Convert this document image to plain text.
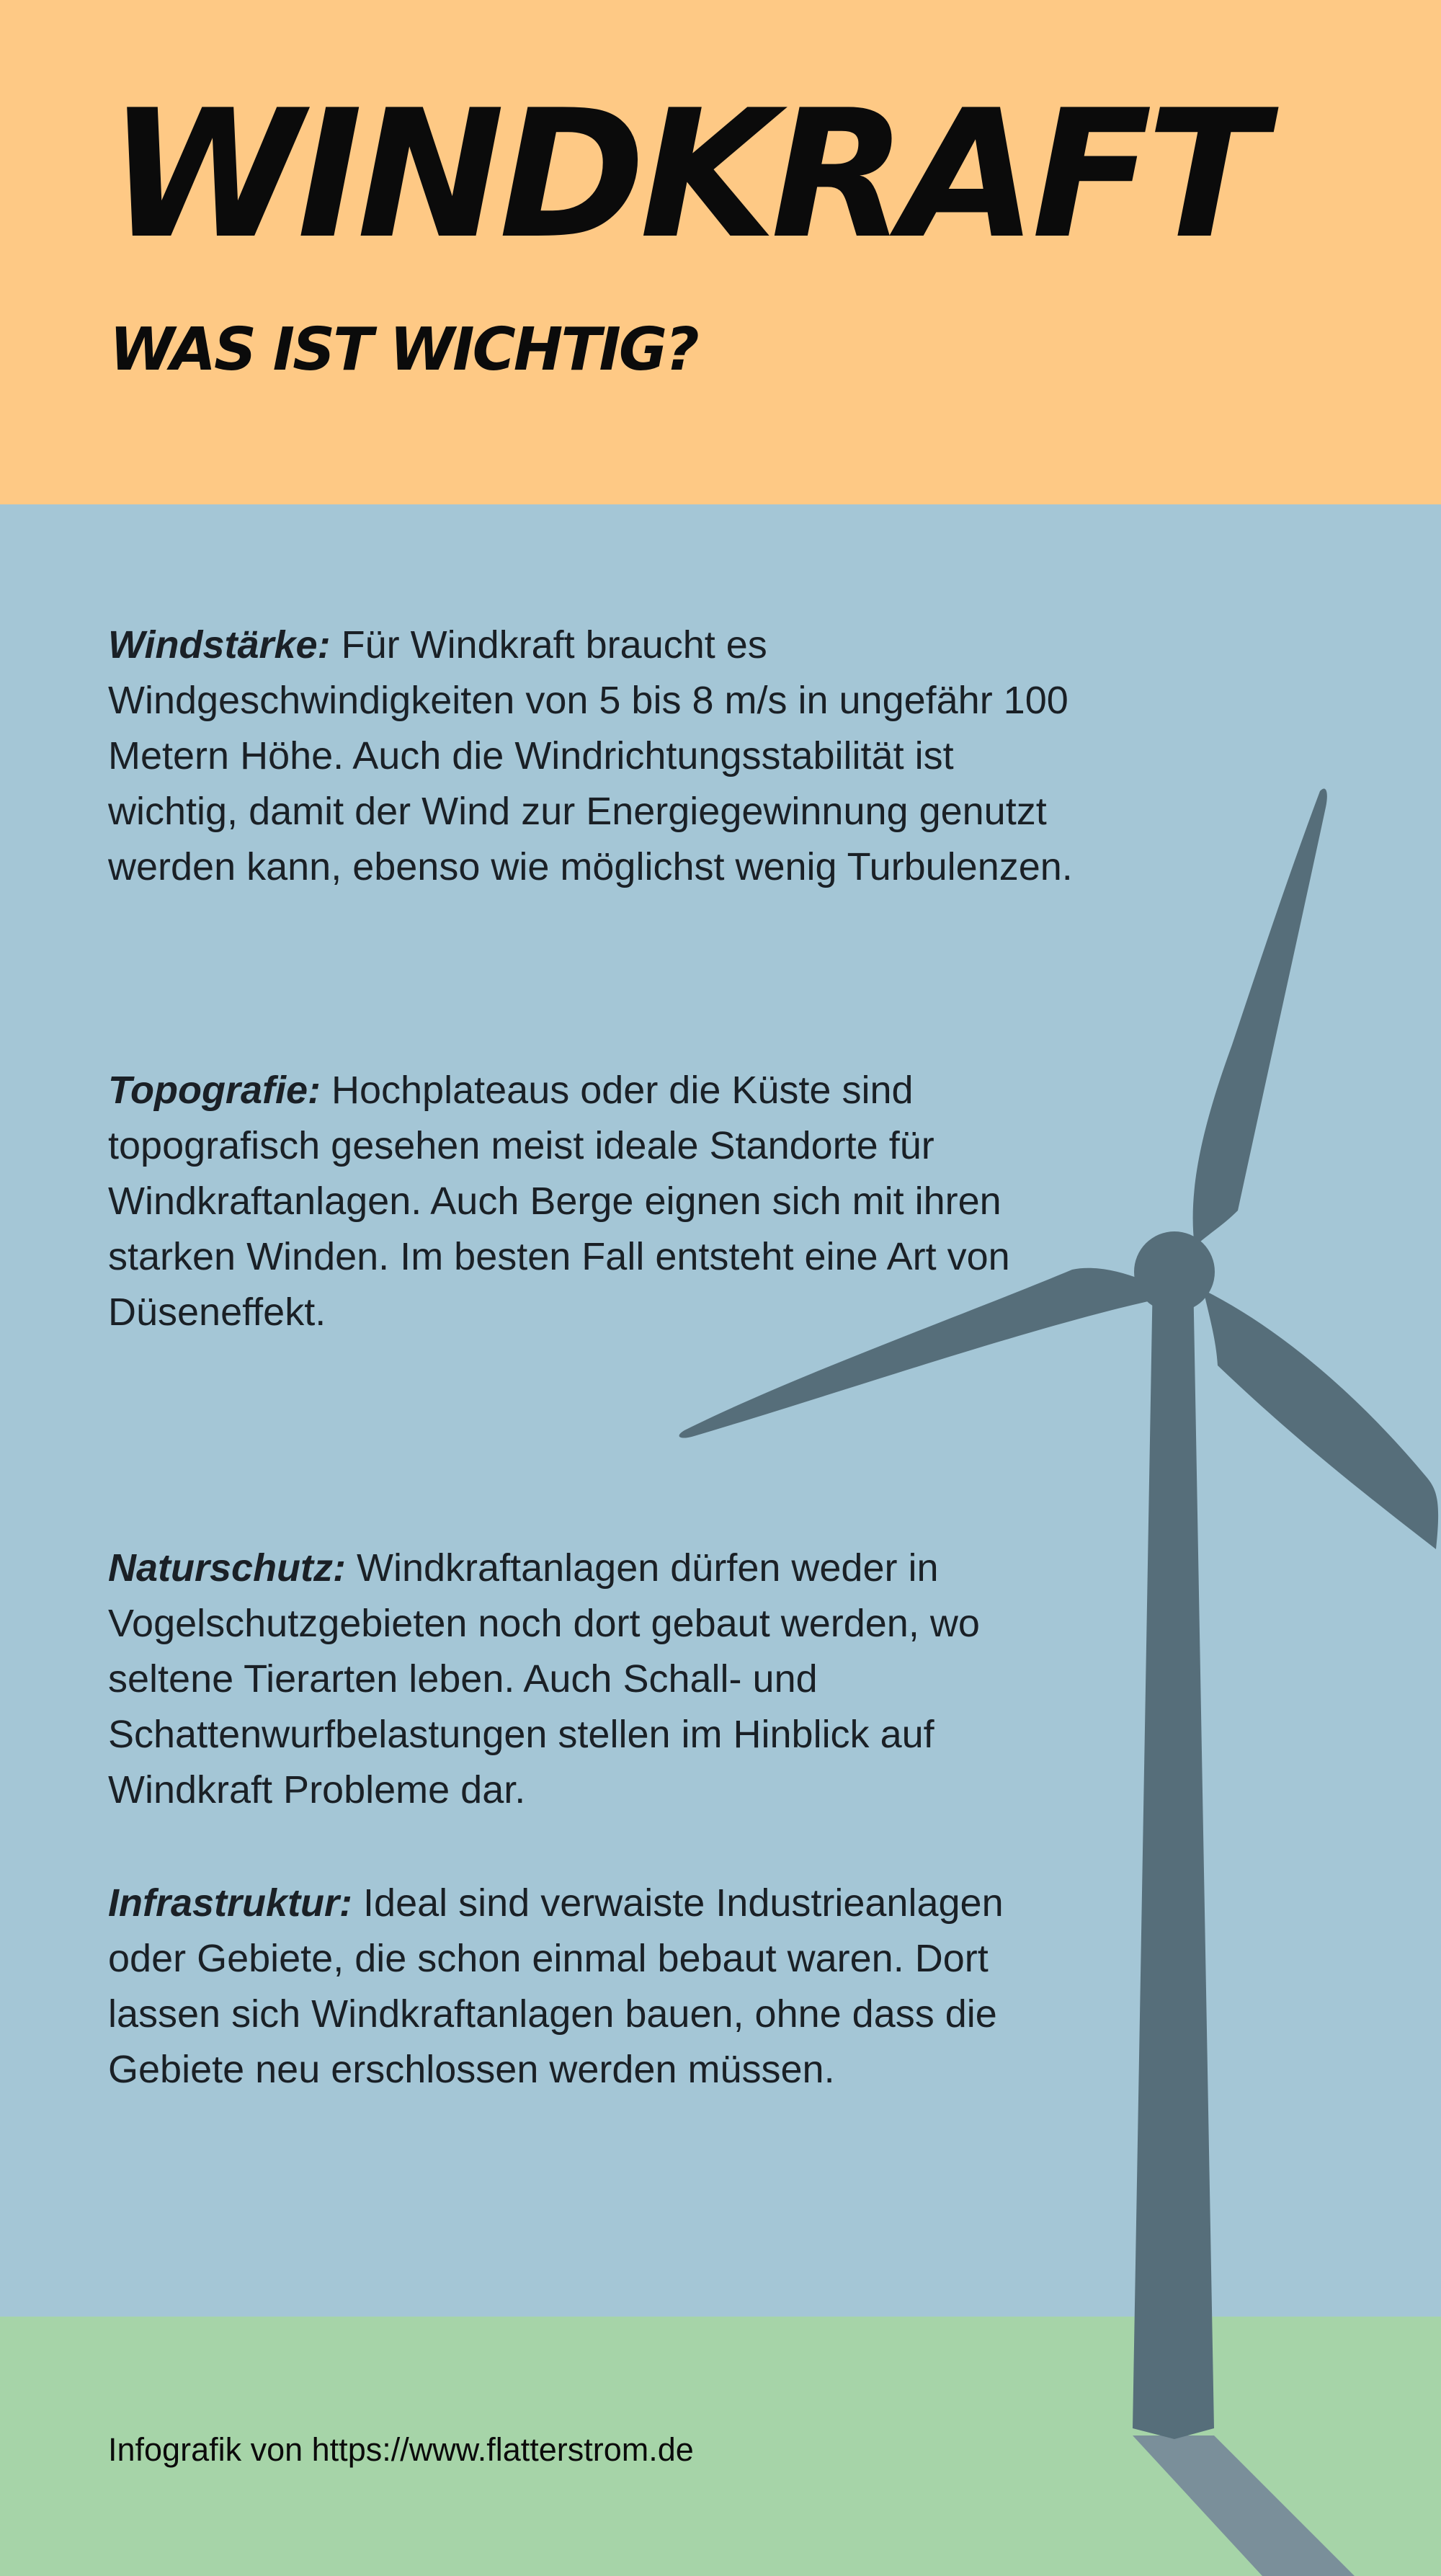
WINDKRAFT
WAS IST WICHTIG?

Windstärke: Für Windkraft braucht es Windgeschwindigkeiten von 5 bis 8 m/s in ungefähr 100 Metern Höhe. Auch die Windrichtungsstabilität ist wichtig, damit der Wind zur Energiegewinnung genutzt werden kann, ebenso wie möglichst wenig Turbulenzen.

Topografie: Hochplateaus oder die Küste sind topografisch gesehen meist ideale Standorte für Windkraftanlagen. Auch Berge eignen sich mit ihren starken Winden. Im besten Fall entsteht eine Art von Düseneffekt.

Naturschutz: Windkraftanlagen dürfen weder in Vogelschutzgebieten noch dort gebaut werden, wo seltene Tierarten leben. Auch Schall- und Schattenwurfbelastungen stellen im Hinblick auf Windkraft Probleme dar.

Infrastruktur: Ideal sind verwaiste Industrieanlagen oder Gebiete, die schon einmal bebaut waren. Dort lassen sich Windkraftanlagen bauen, ohne dass die Gebiete neu erschlossen werden müssen.

Infografik von https://www.flatterstrom.de
